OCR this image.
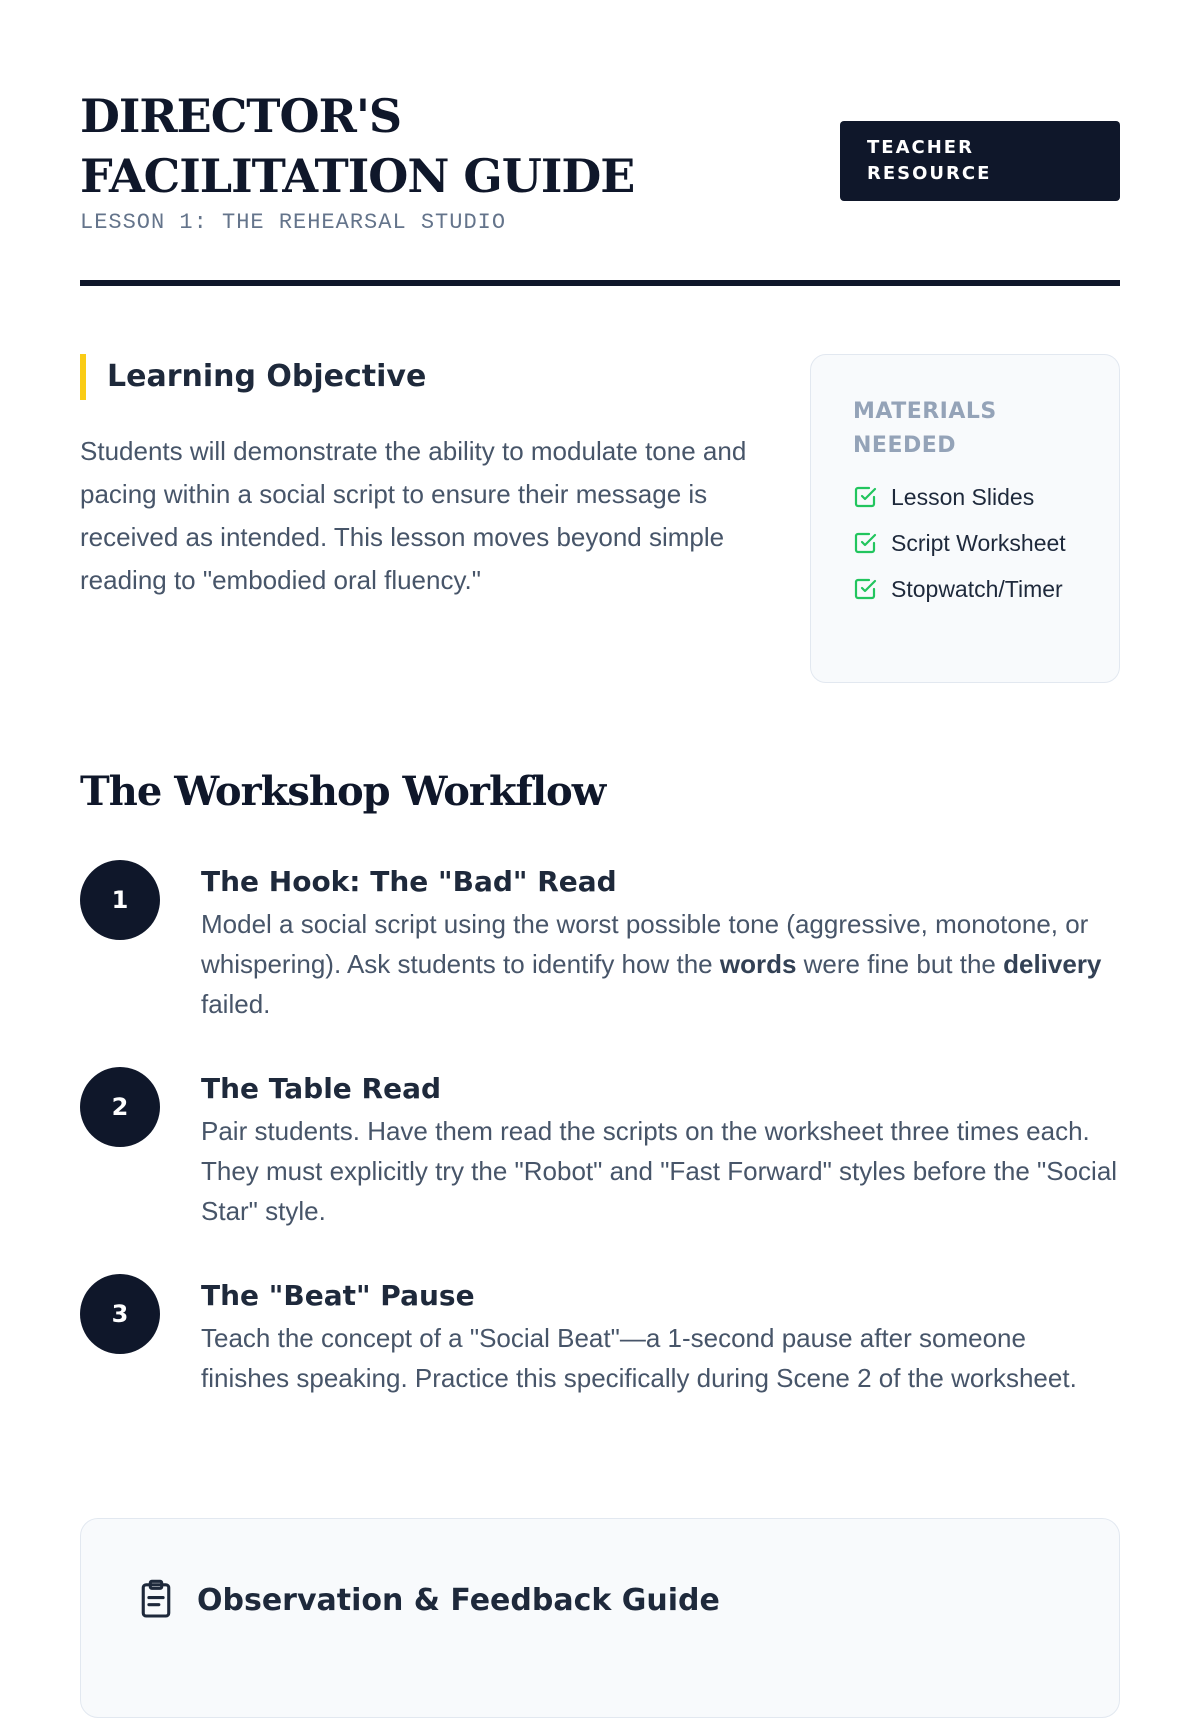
DIRECTOR'S FACILITATION GUIDE
LESSON 1: THE REHEARSAL STUDIO
TEACHER RESOURCE
Learning Objective

Students will demonstrate the ability to modulate tone and pacing within a social script to ensure their message is received as intended. This lesson moves beyond simple reading to "embodied oral fluency."

MATERIALS NEEDED
Lesson Slides
Script Worksheet
Stopwatch/Timer
The Workshop Workflow
1
The Hook: The "Bad" Read

Model a social script using the worst possible tone (aggressive, monotone, or whispering). Ask students to identify how the words were fine but the delivery failed.

2
The Table Read

Pair students. Have them read the scripts on the worksheet three times each. They must explicitly try the "Robot" and "Fast Forward" styles before the "Social Star" style.

3
The "Beat" Pause

Teach the concept of a "Social Beat"—a 1-second pause after someone finishes speaking. Practice this specifically during Scene 2 of the worksheet.

Observation & Feedback Guide
